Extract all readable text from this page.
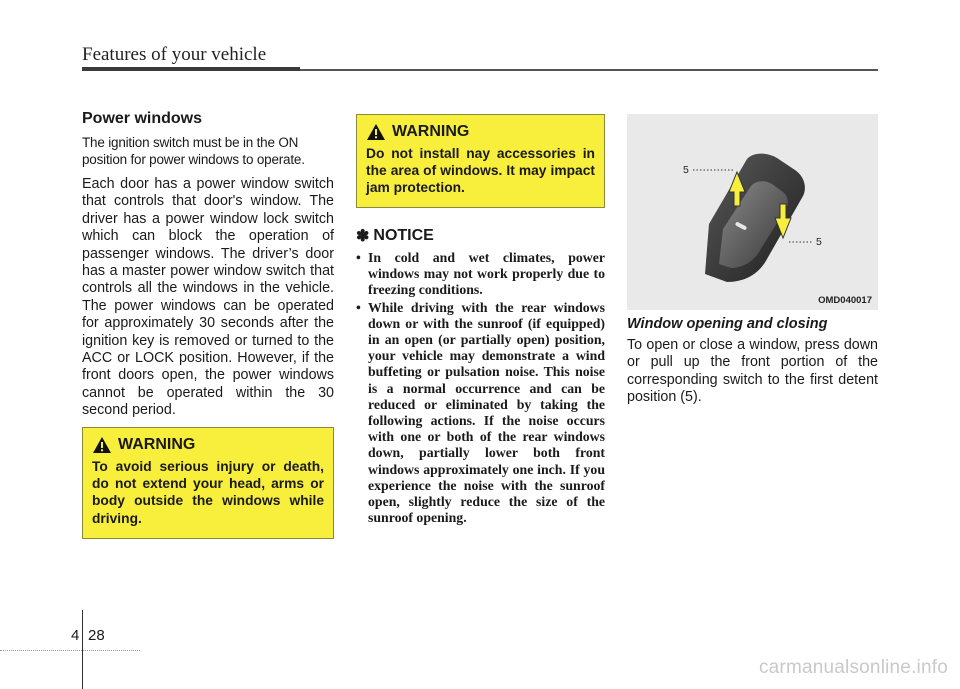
Features of your vehicle
Power windows
The ignition switch must be in the ON position for power windows to operate.
Each door has a power window switch that controls that door's window. The driver has a power window lock switch which can block the operation of passenger windows. The driver’s door has a master power window switch that controls all the windows in the vehicle. The power windows can be operated for approximately 30 seconds after the ignition key is removed or turned to the ACC or LOCK position. However, if the front doors open, the power windows cannot be operated within the 30 second period.
WARNING
To avoid serious injury or death, do not extend your head, arms or body outside the windows while driving.
WARNING
Do not install nay accessories in the area of windows. It may impact jam protection.
✽ NOTICE
• In cold and wet climates, power windows may not work properly due to freezing conditions.
• While driving with the rear windows down or with the sunroof (if equipped) in an open (or partially open) position, your vehicle may demonstrate a wind buffeting or pulsation noise. This noise is a normal occurrence and can be reduced or eliminated by taking the following actions. If the noise occurs with one or both of the rear windows down, partially lower both front windows approximately one inch. If you experience the noise with the sunroof open, slightly reduce the size of the sunroof opening.
5
5
OMD040017
Window opening and closing
To open or close a window, press down or pull up the front portion of the corresponding switch to the first detent position (5).
4 28
carmanualsonline.info
